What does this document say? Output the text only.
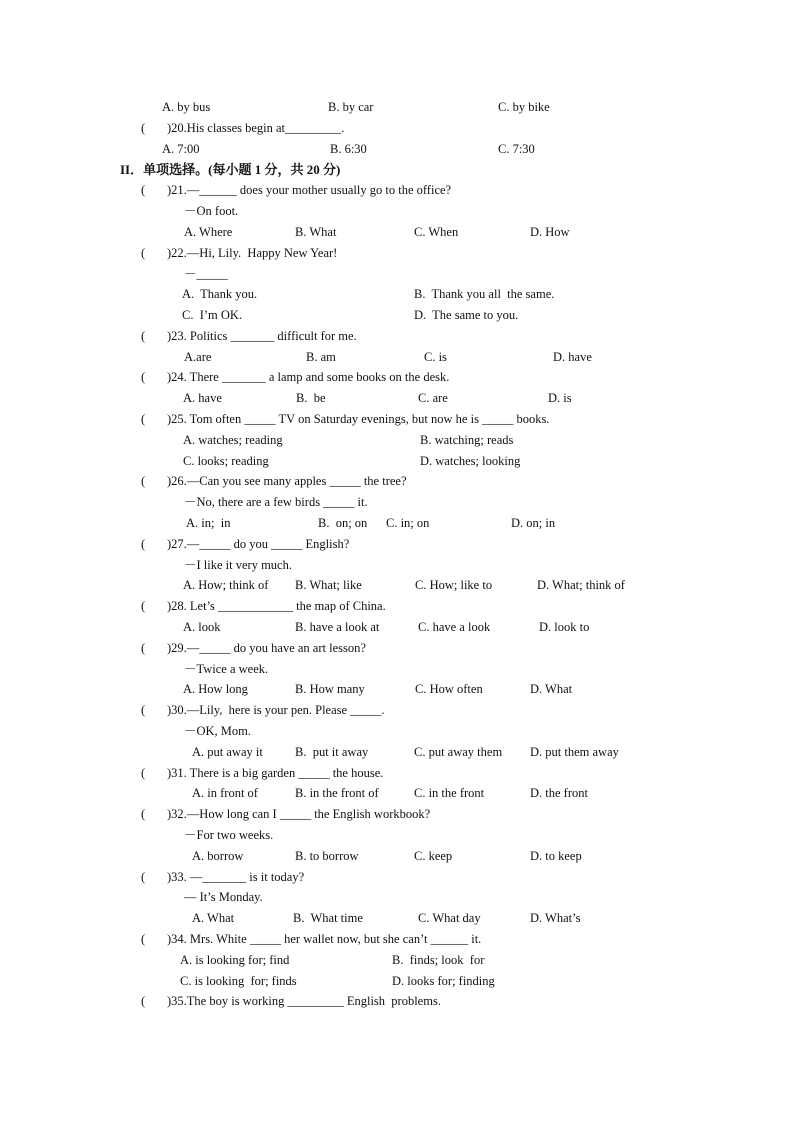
A. by bus	B. by car	C. by bike
( )20.His classes begin at_________.
A. 7:00	B. 6:30	C. 7:30
II．单项选择。(每小题 1 分，共 20 分)
( )21.—______ does your mother usually go to the office?
－On foot.
A. Where	B. What	C. When	D. How
( )22.—Hi, Lily.  Happy New Year!
－_____
A.  Thank you.	B.  Thank you all  the same.
C.  I’m OK.	D.  The same to you.
( )23. Politics _______ difficult for me.
A.are	B. am	C. is	D. have
( )24. There _______ a lamp and some books on the desk.
A. have	B.  be	C. are	D. is
( )25. Tom often _____ TV on Saturday evenings, but now he is _____ books.
A. watches; reading	B. watching; reads
C. looks; reading	D. watches; looking
( )26.—Can you see many apples _____ the tree?
－No, there are a few birds _____ it.
A. in;  in	B.  on; on C. in; on	D. on; in
( )27.—_____ do you _____ English?
－I like it very much.
A. How; think of B. What; like	C. How; like to	D. What; think of
( )28. Let’s ____________ the map of China.
A. look	B. have a look at	C. have a look	D. look to
( )29.—_____ do you have an art lesson?
－Twice a week.
A. How long	B. How many	C. How often	D. What
( )30.—Lily,  here is your pen. Please _____.
－OK, Mom.
A. put away it	B.  put it away	C. put away them D. put them away
( )31. There is a big garden _____ the house.
A. in front of	B. in the front of	C. in the front	D. the front
( )32.—How long can I _____ the English workbook?
－For two weeks.
A. borrow	B. to borrow	C. keep	D. to keep
( )33. —_______ is it today?
— It’s Monday.
A. What	B.  What time	C. What day	D. What’s
( )34. Mrs. White _____ her wallet now, but she can’t ______ it.
A. is looking for; find	B.  finds; look  for
C. is looking  for; finds	D. looks for; finding
( )35.The boy is working _________ English  problems.
